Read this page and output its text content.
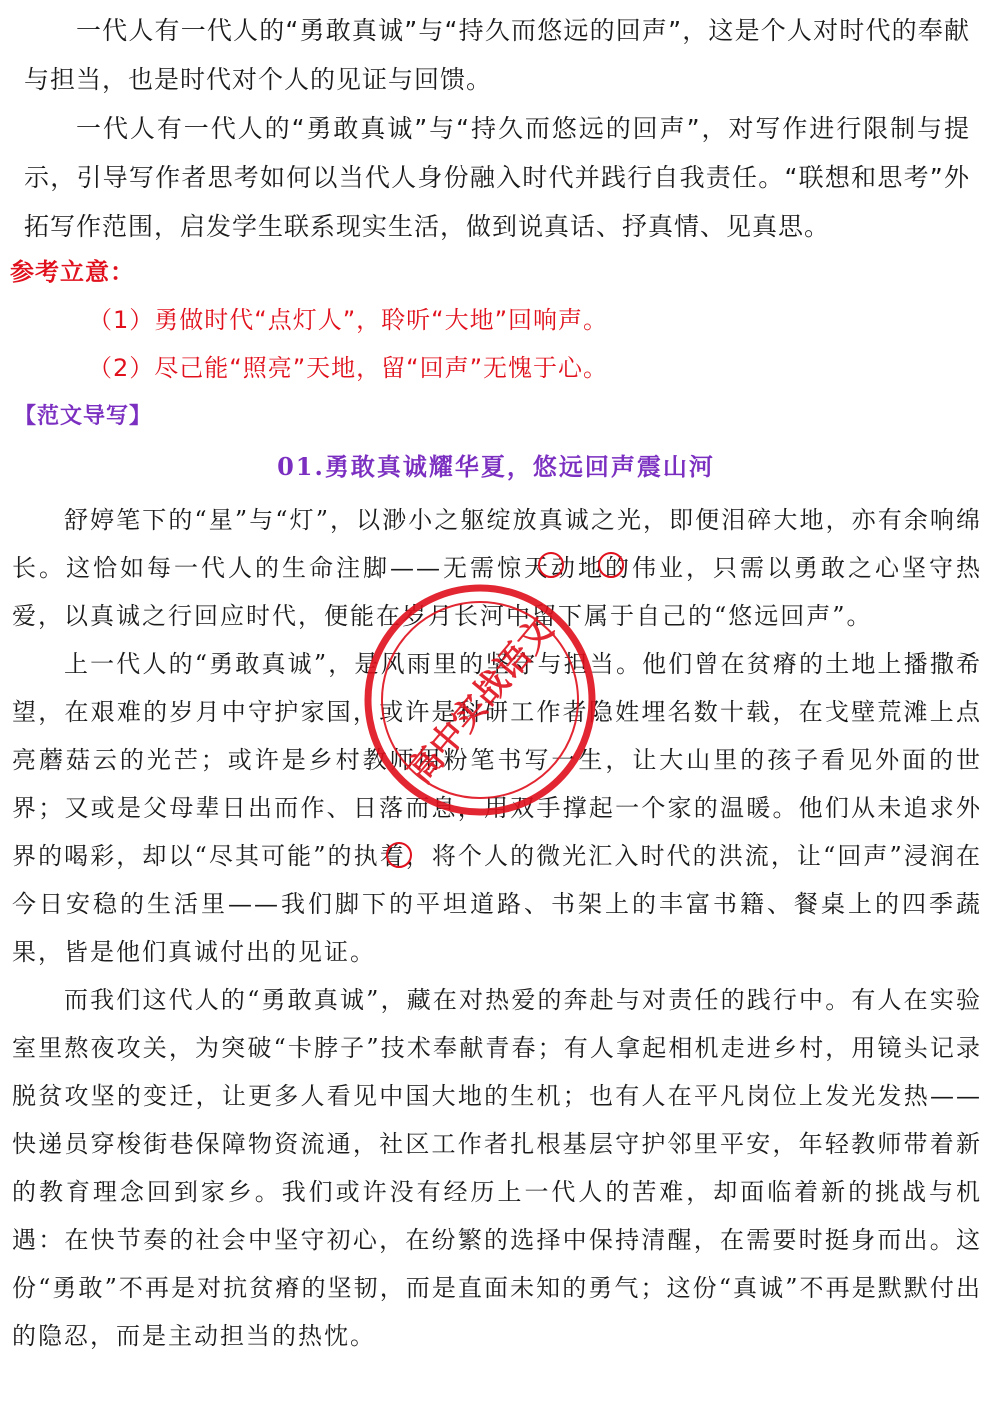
一代人有一代人的“勇敢真诚”与“持久而悠远的回声”，这是个人对时代的奉献与担当，也是时代对个人的见证与回馈。

一代人有一代人的“勇敢真诚”与“持久而悠远的回声”，对写作进行限制与提示，引导写作者思考如何以当代人身份融入时代并践行自我责任。“联想和思考”外拓写作范围，启发学生联系现实生活，做到说真话、抒真情、见真思。

参考立意：
（1）勇做时代“点灯人”，聆听“大地”回响声。
（2）尽己能“照亮”天地，留“回声”无愧于心。
【范文导写】
01.勇敢真诚耀华夏，悠远回声震山河

舒婷笔下的“星”与“灯”，以渺小之躯绽放真诚之光，即便泪碎大地，亦有余响绵长。这恰如每一代人的生命注脚——无需惊天动地的伟业，只需以勇敢之心坚守热爱，以真诚之行回应时代，便能在岁月长河中留下属于自己的“悠远回声”。

上一代人的“勇敢真诚”，是风雨里的坚守与担当。他们曾在贫瘠的土地上播撒希望，在艰难的岁月中守护家国，或许是科研工作者隐姓埋名数十载，在戈壁荒滩上点亮蘑菇云的光芒；或许是乡村教师用粉笔书写一生，让大山里的孩子看见外面的世界；又或是父母辈日出而作、日落而息，用双手撑起一个家的温暖。他们从未追求外界的喝彩，却以“尽其可能”的执着，将个人的微光汇入时代的洪流，让“回声”浸润在今日安稳的生活里——我们脚下的平坦道路、书架上的丰富书籍、餐桌上的四季蔬果，皆是他们真诚付出的见证。

而我们这代人的“勇敢真诚”，藏在对热爱的奔赴与对责任的践行中。有人在实验室里熬夜攻关，为突破“卡脖子”技术奉献青春；有人拿起相机走进乡村，用镜头记录脱贫攻坚的变迁，让更多人看见中国大地的生机；也有人在平凡岗位上发光发热——快递员穿梭街巷保障物资流通，社区工作者扎根基层守护邻里平安，年轻教师带着新的教育理念回到家乡。我们或许没有经历上一代人的苦难，却面临着新的挑战与机遇：在快节奏的社会中坚守初心，在纷繁的选择中保持清醒，在需要时挺身而出。这份“勇敢”不再是对抗贫瘠的坚韧，而是直面未知的勇气；这份“真诚”不再是默默付出的隐忍，而是主动担当的热忱。

高中实战语文
